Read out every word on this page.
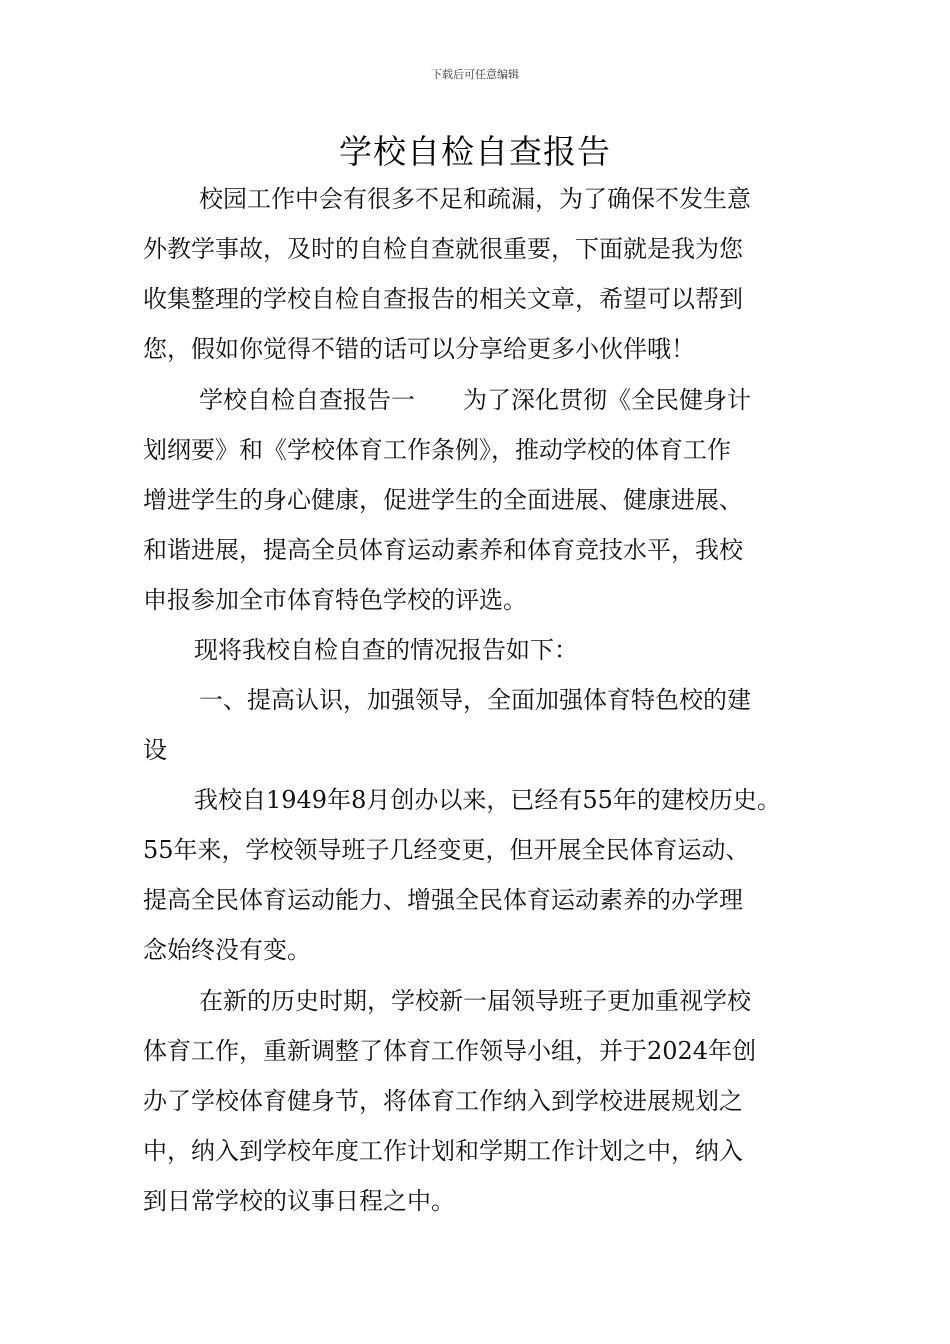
下载后可任意编辑
学校自检自查报告
校园工作中会有很多不足和疏漏，为了确保不发生意
外教学事故，及时的自检自查就很重要，下面就是我为您
收集整理的学校自检自查报告的相关文章，希望可以帮到
您，假如你觉得不错的话可以分享给更多小伙伴哦！
学校自检自查报告一　　为了深化贯彻《全民健身计
划纲要》和《学校体育工作条例》，推动学校的体育工作
增进学生的身心健康，促进学生的全面进展、健康进展、
和谐进展，提高全员体育运动素养和体育竞技水平，我校
申报参加全市体育特色学校的评选。
现将我校自检自查的情况报告如下：
一、提高认识，加强领导，全面加强体育特色校的建
设
我校自1949年8月创办以来，已经有55年的建校历史。
55年来，学校领导班子几经变更，但开展全民体育运动、
提高全民体育运动能力、增强全民体育运动素养的办学理
念始终没有变。
在新的历史时期，学校新一届领导班子更加重视学校
体育工作，重新调整了体育工作领导小组，并于2024年创
办了学校体育健身节，将体育工作纳入到学校进展规划之
中，纳入到学校年度工作计划和学期工作计划之中，纳入
到日常学校的议事日程之中。
